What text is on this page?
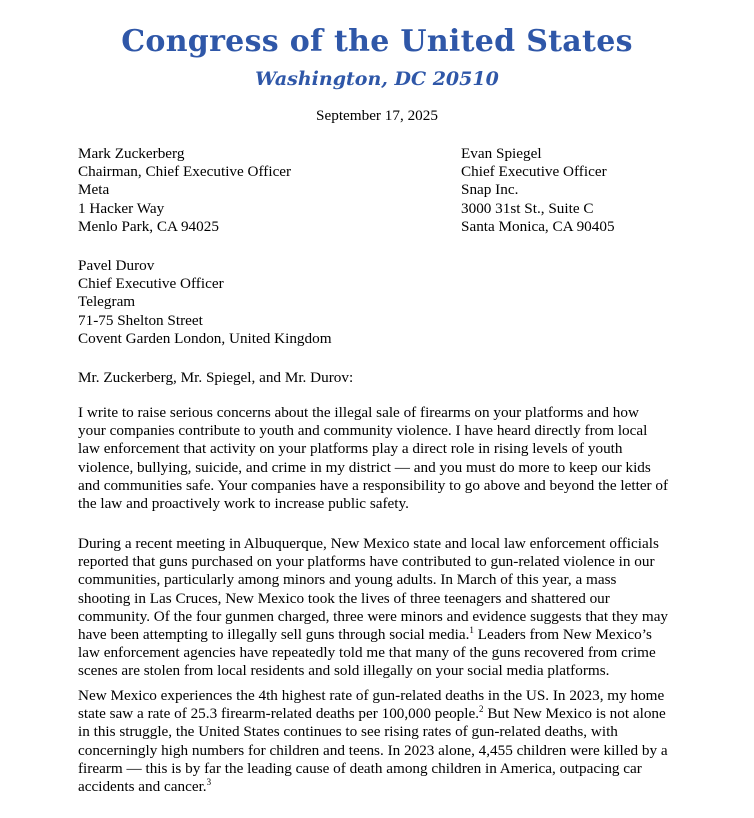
Congress of the United States
Washington, DC 20510
September 17, 2025
Mark Zuckerberg
Chairman, Chief Executive Officer
Meta
1 Hacker Way
Menlo Park, CA 94025
Evan Spiegel
Chief Executive Officer
Snap Inc.
3000 31st St., Suite C
Santa Monica, CA 90405
Pavel Durov
Chief Executive Officer
Telegram
71-75 Shelton Street
Covent Garden London, United Kingdom
Mr. Zuckerberg, Mr. Spiegel, and Mr. Durov:
I write to raise serious concerns about the illegal sale of firearms on your platforms and how
your companies contribute to youth and community violence. I have heard directly from local
law enforcement that activity on your platforms play a direct role in rising levels of youth
violence, bullying, suicide, and crime in my district — and you must do more to keep our kids
and communities safe. Your companies have a responsibility to go above and beyond the letter of
the law and proactively work to increase public safety.
During a recent meeting in Albuquerque, New Mexico state and local law enforcement officials
reported that guns purchased on your platforms have contributed to gun-related violence in our
communities, particularly among minors and young adults. In March of this year, a mass
shooting in Las Cruces, New Mexico took the lives of three teenagers and shattered our
community. Of the four gunmen charged, three were minors and evidence suggests that they may
have been attempting to illegally sell guns through social media.$^1$ Leaders from New Mexico’s
law enforcement agencies have repeatedly told me that many of the guns recovered from crime
scenes are stolen from local residents and sold illegally on your social media platforms.
New Mexico experiences the 4th highest rate of gun-related deaths in the US. In 2023, my home
state saw a rate of 25.3 firearm-related deaths per 100,000 people.$^2$ But New Mexico is not alone
in this struggle, the United States continues to see rising rates of gun-related deaths, with
concerningly high numbers for children and teens. In 2023 alone, 4,455 children were killed by a
firearm — this is by far the leading cause of death among children in America, outpacing car
accidents and cancer.$^3$
